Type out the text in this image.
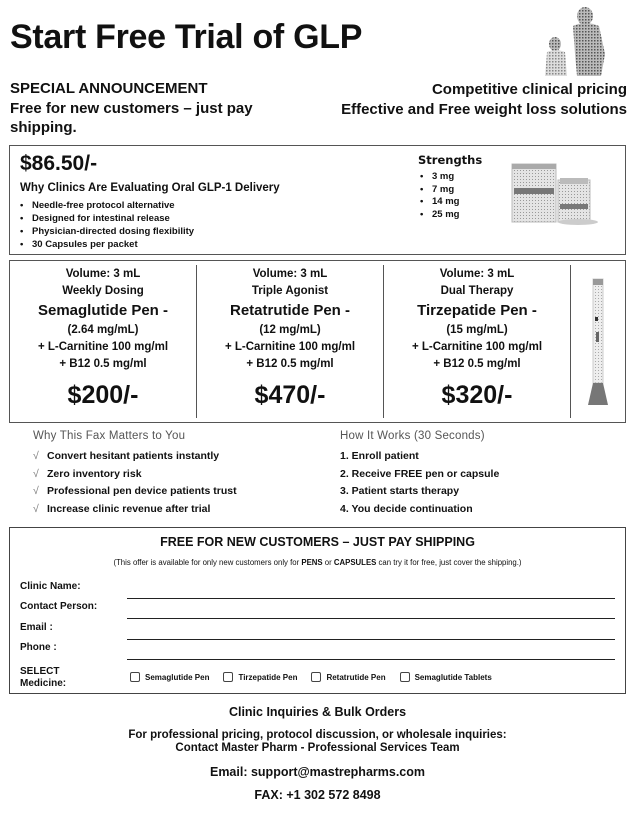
Start Free Trial of GLP
SPECIAL ANNOUNCEMENT
Free for new customers – just pay shipping.
Competitive clinical pricing
Effective and Free weight loss solutions
$86.50/-
Why Clinics Are Evaluating Oral GLP-1 Delivery
• Needle-free protocol alternative
• Designed for intestinal release
• Physician-directed dosing flexibility
• 30 Capsules per packet
Strengths
• 3 mg
• 7 mg
• 14 mg
• 25 mg
Volume: 3 mL
Weekly Dosing
Semaglutide Pen -
(2.64 mg/mL)
+ L-Carnitine 100 mg/ml
+ B12 0.5 mg/ml
$200/-
Volume: 3 mL
Triple Agonist
Retatrutide Pen -
(12 mg/mL)
+ L-Carnitine 100 mg/ml
+ B12 0.5 mg/ml
$470/-
Volume: 3 mL
Dual Therapy
Tirzepatide Pen -
(15 mg/mL)
+ L-Carnitine 100 mg/ml
+ B12 0.5 mg/ml
$320/-
Why This Fax Matters to You
√ Convert hesitant patients instantly
√ Zero inventory risk
√ Professional pen device patients trust
√ Increase clinic revenue after trial
How It Works (30 Seconds)
1. Enroll patient
2. Receive FREE pen or capsule
3. Patient starts therapy
4. You decide continuation
FREE FOR NEW CUSTOMERS – JUST PAY SHIPPING
(This offer is available for only new customers only for PENS or CAPSULES can try it for free, just cover the shipping.)
Clinic Name:
Contact Person:
Email :
Phone :
SELECT
Medicine:
Semaglutide Pen	Tirzepatide Pen	Retatrutide Pen	Semaglutide Tablets
Clinic Inquiries & Bulk Orders
For professional pricing, protocol discussion, or wholesale inquiries:
Contact Master Pharm - Professional Services Team
Email: support@mastrepharms.com
FAX: +1 302 572 8498
